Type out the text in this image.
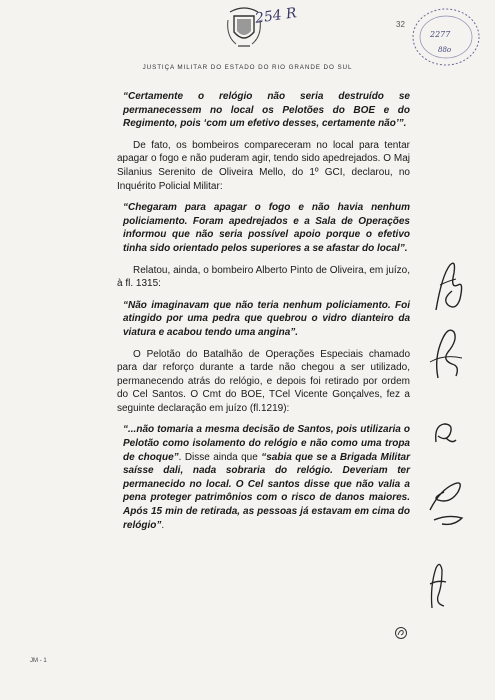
254 R	32
2277
88o
JUSTIÇA MILITAR DO ESTADO DO RIO GRANDE DO SUL

“Certamente o relógio não seria destruído se permanecessem no local os Pelotões do BOE e do Regimento, pois ‘com um efetivo desses, certamente não’”.

De fato, os bombeiros compareceram no local para tentar apagar o fogo e não puderam agir, tendo sido apedrejados. O Maj Silanius Serenito de Oliveira Mello, do 1º GCI, declarou, no Inquérito Policial Militar:

“Chegaram para apagar o fogo e não havia nenhum policiamento. Foram apedrejados e a Sala de Operações informou que não seria possível apoio porque o efetivo tinha sido orientado pelos superiores a se afastar do local”.

Relatou, ainda, o bombeiro Alberto Pinto de Oliveira, em juízo, à fl. 1315:

“Não imaginavam que não teria nenhum policiamento. Foi atingido por uma pedra que quebrou o vidro dianteiro da viatura e acabou tendo uma angina”.

O Pelotão do Batalhão de Operações Especiais chamado para dar reforço durante a tarde não chegou a ser utilizado, permanecendo atrás do relógio, e depois foi retirado por ordem do Cel Santos. O Cmt do BOE, TCel Vicente Gonçalves, fez a seguinte declaração em juízo (fl.1219):

“...não tomaria a mesma decisão de Santos, pois utilizaria o Pelotão como isolamento do relógio e não como uma tropa de choque”. Disse ainda que “sabia que se a Brigada Militar saísse dali, nada sobraria do relógio. Deveriam ter permanecido no local. O Cel santos disse que não valia a pena proteger patrimônios com o risco de danos maiores. Após 15 min de retirada, as pessoas já estavam em cima do relógio”.

JM - 1
